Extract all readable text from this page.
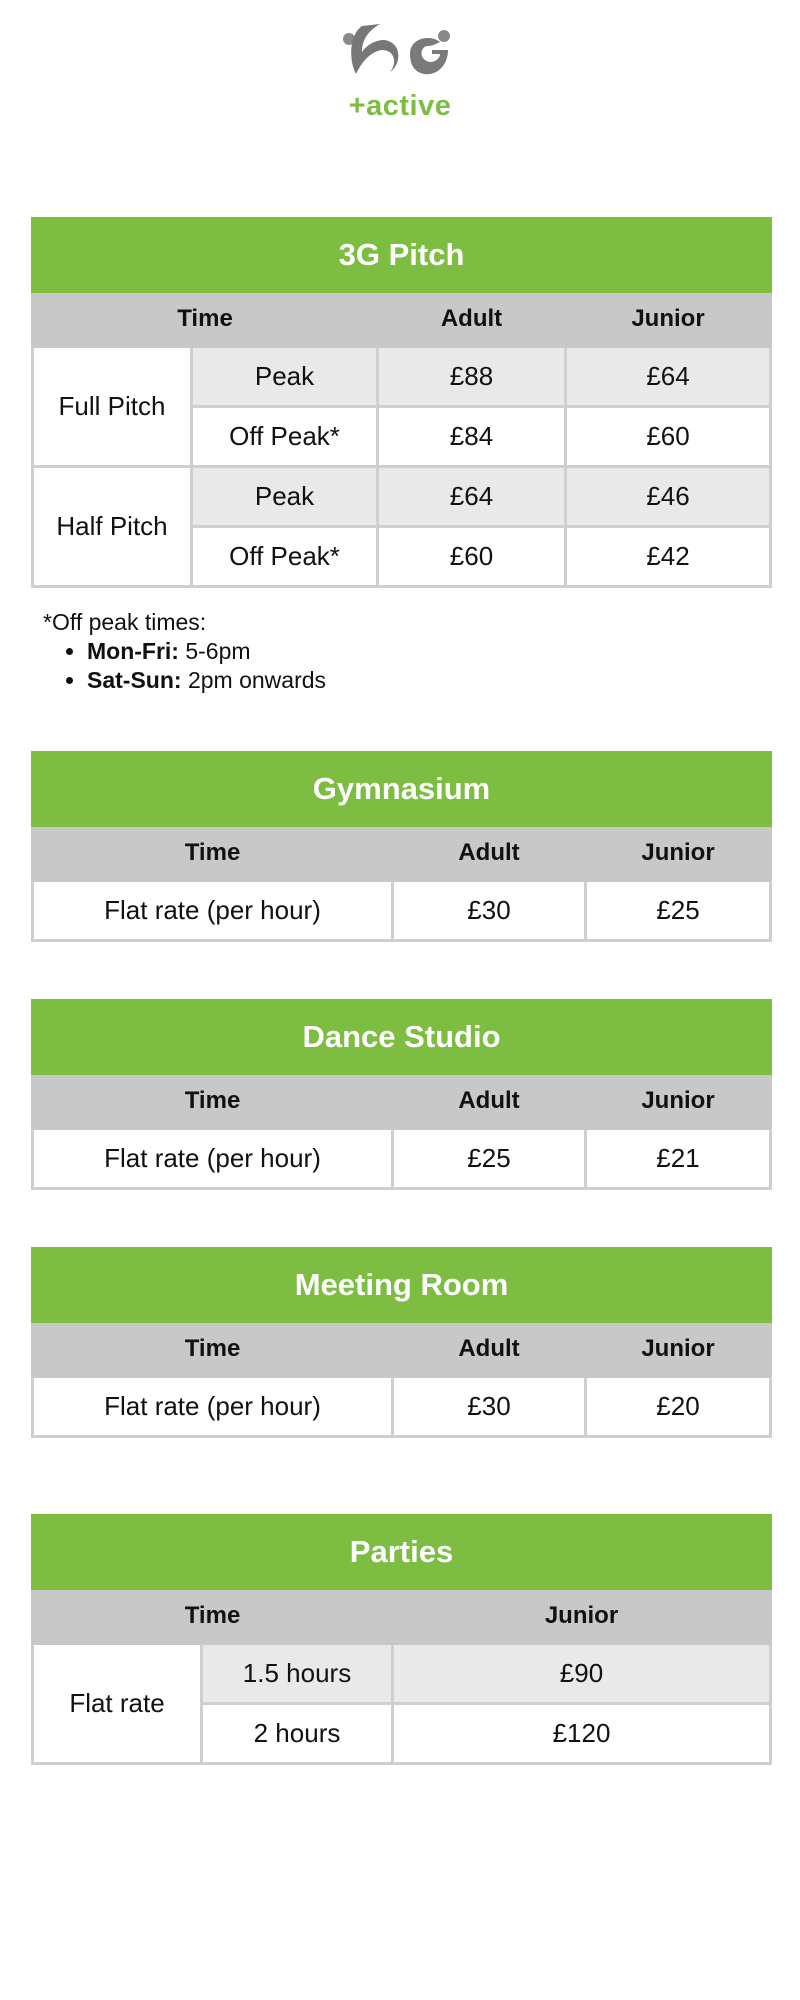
+active
3G Pitch			
Time		Adult	Junior
Full Pitch	Peak	£88	£64
	Off Peak*	£84	£60
Half Pitch	Peak	£64	£46
	Off Peak*	£60	£42
*Off peak times:
• Mon-Fri: 5-6pm
• Sat-Sun: 2pm onwards
Gymnasium		
Time	Adult	Junior
Flat rate (per hour)	£30	£25
Dance Studio		
Time	Adult	Junior
Flat rate (per hour)	£25	£21
Meeting Room		
Time	Adult	Junior
Flat rate (per hour)	£30	£20
Parties		
Time		Junior
Flat rate	1.5 hours	£90
	2 hours	£120
